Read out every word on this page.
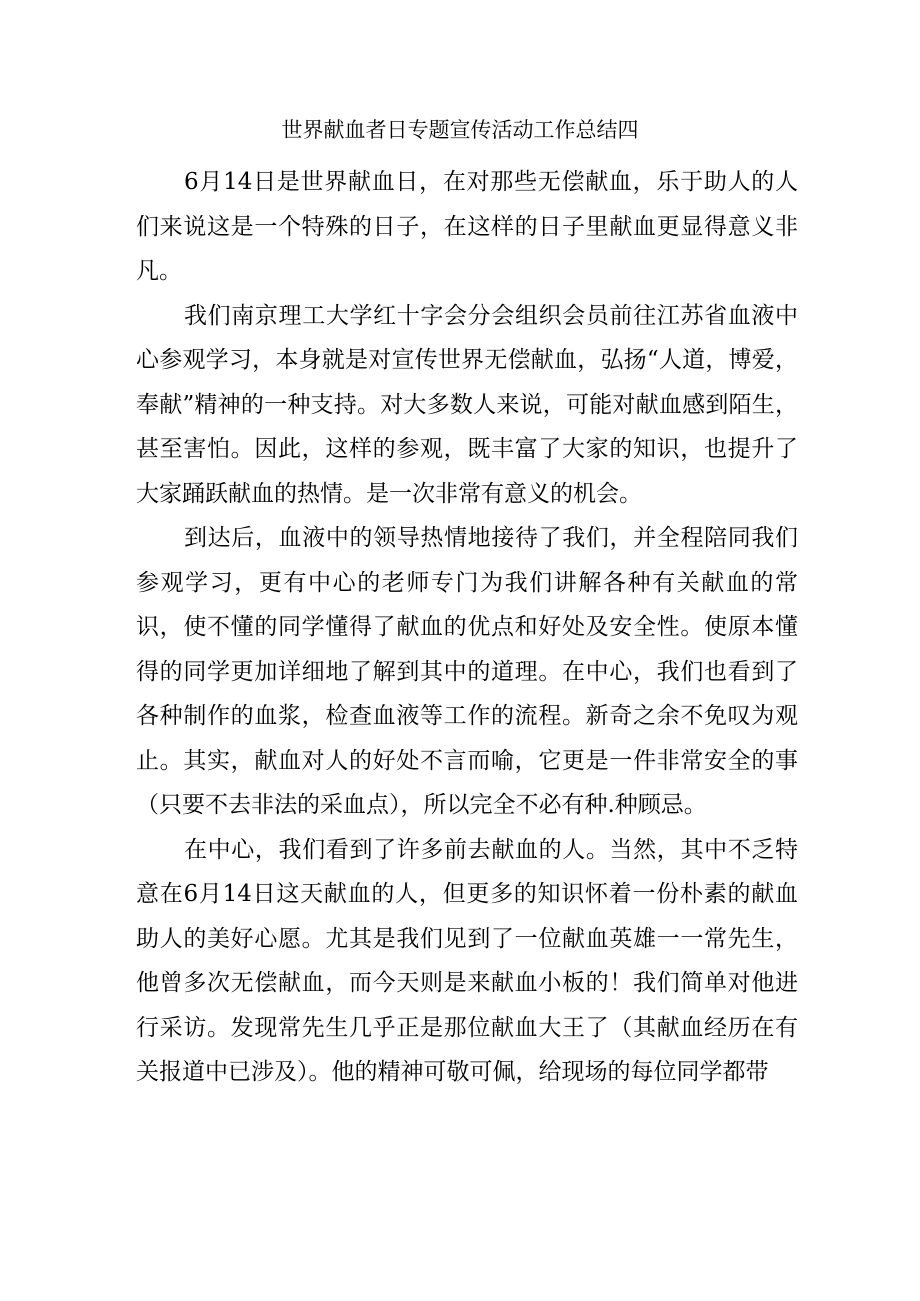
世界献血者日专题宣传活动工作总结四

6月14日是世界献血日，在对那些无偿献血，乐于助人的人们来说这是一个特殊的日子，在这样的日子里献血更显得意义非凡。

我们南京理工大学红十字会分会组织会员前往江苏省血液中心参观学习，本身就是对宣传世界无偿献血，弘扬“人道，博爱，奉献”精神的一种支持。对大多数人来说，可能对献血感到陌生，甚至害怕。因此，这样的参观，既丰富了大家的知识，也提升了大家踊跃献血的热情。是一次非常有意义的机会。

到达后，血液中的领导热情地接待了我们，并全程陪同我们参观学习，更有中心的老师专门为我们讲解各种有关献血的常识，使不懂的同学懂得了献血的优点和好处及安全性。使原本懂得的同学更加详细地了解到其中的道理。在中心，我们也看到了各种制作的血浆，检查血液等工作的流程。新奇之余不免叹为观止。其实，献血对人的好处不言而喻，它更是一件非常安全的事（只要不去非法的采血点），所以完全不必有种.种顾忌。

在中心，我们看到了许多前去献血的人。当然，其中不乏特意在6月14日这天献血的人，但更多的知识怀着一份朴素的献血助人的美好心愿。尤其是我们见到了一位献血英雄一一常先生，他曾多次无偿献血，而今天则是来献血小板的！我们简单对他进行采访。发现常先生几乎正是那位献血大王了（其献血经历在有关报道中已涉及）。他的精神可敬可佩，给现场的每位同学都带
